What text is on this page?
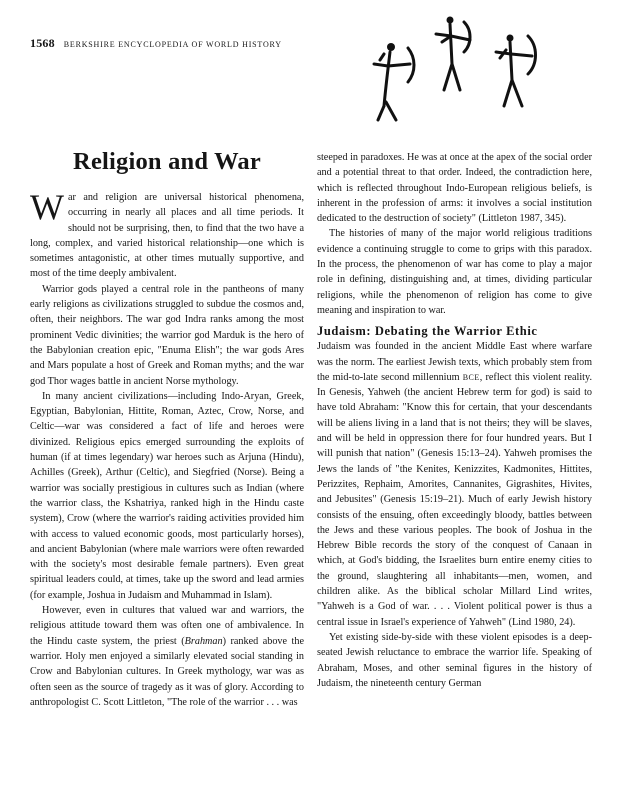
1568 BERKSHIRE ENCYCLOPEDIA OF WORLD HISTORY
Religion and War

War and religion are universal historical phenomena, occurring in nearly all places and all time periods. It should not be surprising, then, to find that the two have a long, complex, and varied historical relationship—one which is sometimes antagonistic, at other times mutually supportive, and most of the time deeply ambivalent.

Warrior gods played a central role in the pantheons of many early religions as civilizations struggled to subdue the cosmos and, often, their neighbors. The war god Indra ranks among the most prominent Vedic divinities; the warrior god Marduk is the hero of the Babylonian creation epic, "Enuma Elish"; the war gods Ares and Mars populate a host of Greek and Roman myths; and the war god Thor wages battle in ancient Norse mythology.

In many ancient civilizations—including Indo-Aryan, Greek, Egyptian, Babylonian, Hittite, Roman, Aztec, Crow, Norse, and Celtic—war was considered a fact of life and heroes were divinized. Religious epics emerged surrounding the exploits of human (if at times legendary) war heroes such as Arjuna (Hindu), Achilles (Greek), Arthur (Celtic), and Siegfried (Norse). Being a warrior was socially prestigious in cultures such as Indian (where the warrior class, the Kshatriya, ranked high in the Hindu caste system), Crow (where the warrior's raiding activities provided him with access to valued economic goods, most particularly horses), and ancient Babylonian (where male warriors were often rewarded with the society's most desirable female partners). Even great spiritual leaders could, at times, take up the sword and lead armies (for example, Joshua in Judaism and Muhammad in Islam).

However, even in cultures that valued war and warriors, the religious attitude toward them was often one of ambivalence. In the Hindu caste system, the priest (Brahman) ranked above the warrior. Holy men enjoyed a similarly elevated social standing in Crow and Babylonian cultures. In Greek mythology, war was as often seen as the source of tragedy as it was of glory. According to anthropologist C. Scott Littleton, "The role of the warrior . . . was

steeped in paradoxes. He was at once at the apex of the social order and a potential threat to that order. Indeed, the contradiction here, which is reflected throughout Indo-European religious beliefs, is inherent in the profession of arms: it involves a social institution dedicated to the destruction of society" (Littleton 1987, 345).

The histories of many of the major world religious traditions evidence a continuing struggle to come to grips with this paradox. In the process, the phenomenon of war has come to play a major role in defining, distinguishing and, at times, dividing particular religions, while the phenomenon of religion has come to give meaning and inspiration to war.

Judaism: Debating the Warrior Ethic

Judaism was founded in the ancient Middle East where warfare was the norm. The earliest Jewish texts, which probably stem from the mid-to-late second millennium BCE, reflect this violent reality. In Genesis, Yahweh (the ancient Hebrew term for god) is said to have told Abraham: "Know this for certain, that your descendants will be aliens living in a land that is not theirs; they will be slaves, and will be held in oppression there for four hundred years. But I will punish that nation" (Genesis 15:13–24). Yahweh promises the Jews the lands of "the Kenites, Kenizzites, Kadmonites, Hittites, Perizzites, Rephaim, Amorites, Cannanites, Gigrashites, Hivites, and Jebusites" (Genesis 15:19–21). Much of early Jewish history consists of the ensuing, often exceedingly bloody, battles between the Jews and these various peoples. The book of Joshua in the Hebrew Bible records the story of the conquest of Canaan in which, at God's bidding, the Israelites burn entire enemy cities to the ground, slaughtering all inhabitants—men, women, and children alike. As the biblical scholar Millard Lind writes, "Yahweh is a God of war. . . . Violent political power is thus a central issue in Israel's experience of Yahweh" (Lind 1980, 24).

Yet existing side-by-side with these violent episodes is a deep-seated Jewish reluctance to embrace the warrior life. Speaking of Abraham, Moses, and other seminal figures in the history of Judaism, the nineteenth century German
